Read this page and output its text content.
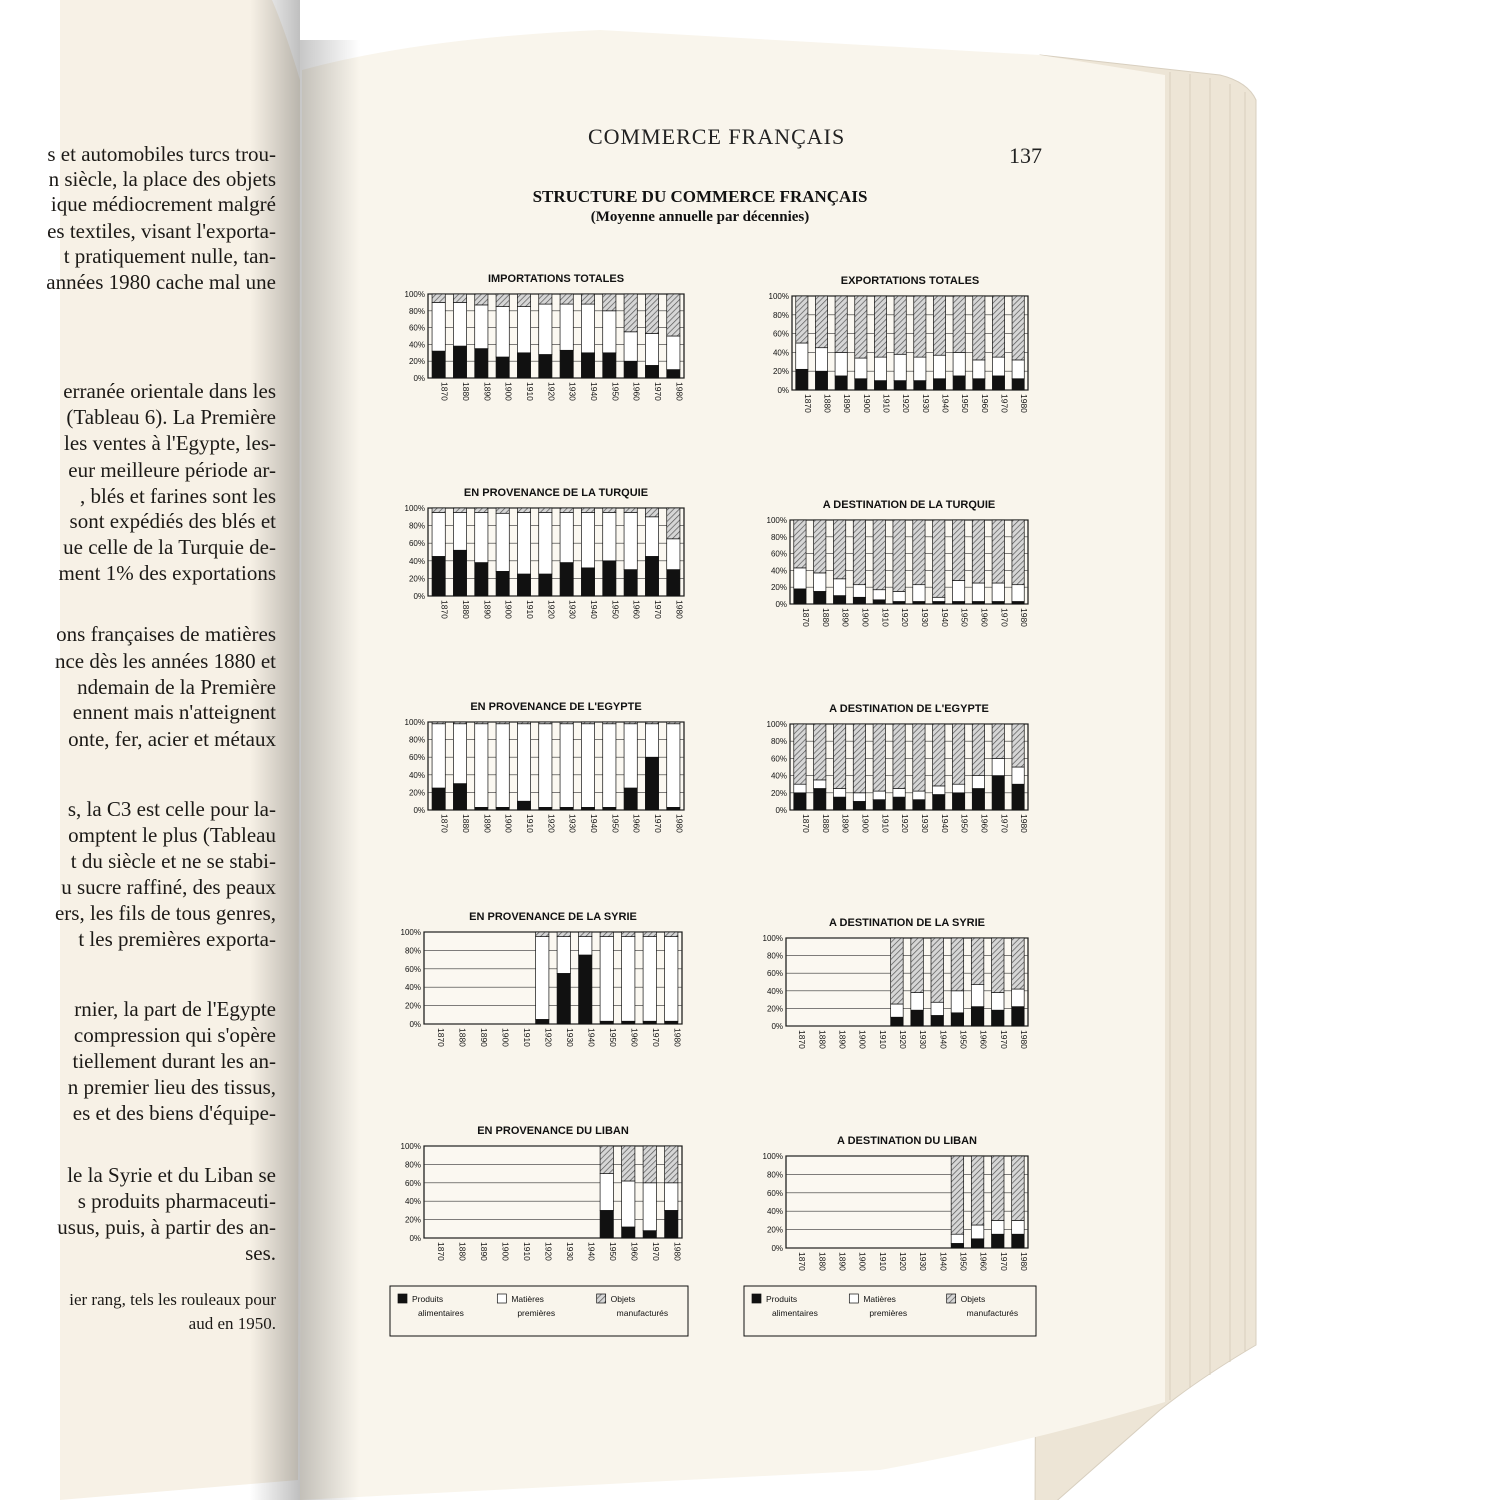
s et automobiles turcs trou-
n siècle, la place des objets
ique médiocrement malgré
es textiles, visant l'exporta-
t pratiquement nulle, tan-
années 1980 cache mal une
erranée orientale dans les
(Tableau 6). La Première
les ventes à l'Egypte, les-
eur meilleure période ar-
, blés et farines sont les
sont expédiés des blés et
ue celle de la Turquie de-
ment 1% des exportations
ons françaises de matières
nce dès les années 1880 et
ndemain de la Première
ennent mais n'atteignent
onte, fer, acier et métaux
s, la C3 est celle pour la-
omptent le plus (Tableau
t du siècle et ne se stabi-
u sucre raffiné, des peaux
ers, les fils de tous genres,
t les premières exporta-
rnier, la part de l'Egypte
compression qui s'opère
tiellement durant les an-
n premier lieu des tissus,
es et des biens d'équipe-
le la Syrie et du Liban se
s produits pharmaceuti-
usus, puis, à partir des an-
ses.
ier rang, tels les rouleaux pour
aud en 1950.
COMMERCE FRANÇAIS
137
STRUCTURE DU COMMERCE FRANÇAIS
(Moyenne annuelle par décennies)
IMPORTATIONS TOTALES
0%
20%
40%
60%
80%
100%
1870 1880 1890 1900 1910 1920 1930 1940 1950 1960 1970 1980
EXPORTATIONS TOTALES
0%
20%
40%
60%
80%
100%
1870 1880 1890 1900 1910 1920 1930 1940 1950 1960 1970 1980
EN PROVENANCE DE LA TURQUIE
0%
20%
40%
60%
80%
100%
1870 1880 1890 1900 1910 1920 1930 1940 1950 1960 1970 1980
A DESTINATION DE LA TURQUIE
0%
20%
40%
60%
80%
100%
1870 1880 1890 1900 1910 1920 1930 1940 1950 1960 1970 1980
EN PROVENANCE DE L'EGYPTE
0%
20%
40%
60%
80%
100%
1870 1880 1890 1900 1910 1920 1930 1940 1950 1960 1970 1980
A DESTINATION DE L'EGYPTE
0%
20%
40%
60%
80%
100%
1870 1880 1890 1900 1910 1920 1930 1940 1950 1960 1970 1980
EN PROVENANCE DE LA SYRIE
0%
20%
40%
60%
80%
100%
1870 1880 1890 1900 1910 1920 1930 1940 1950 1960 1970 1980
A DESTINATION DE LA SYRIE
0%
20%
40%
60%
80%
100%
1870 1880 1890 1900 1910 1920 1930 1940 1950 1960 1970 1980
EN PROVENANCE DU LIBAN
0%
20%
40%
60%
80%
100%
1870 1880 1890 1900 1910 1920 1930 1940 1950 1960 1970 1980
A DESTINATION DU LIBAN
0%
20%
40%
60%
80%
100%
1870 1880 1890 1900 1910 1920 1930 1940 1950 1960 1970 1980
Produits
alimentaires
Matières
premières
Objets
manufacturés
Produits
alimentaires
Matières
premières
Objets
manufacturés
